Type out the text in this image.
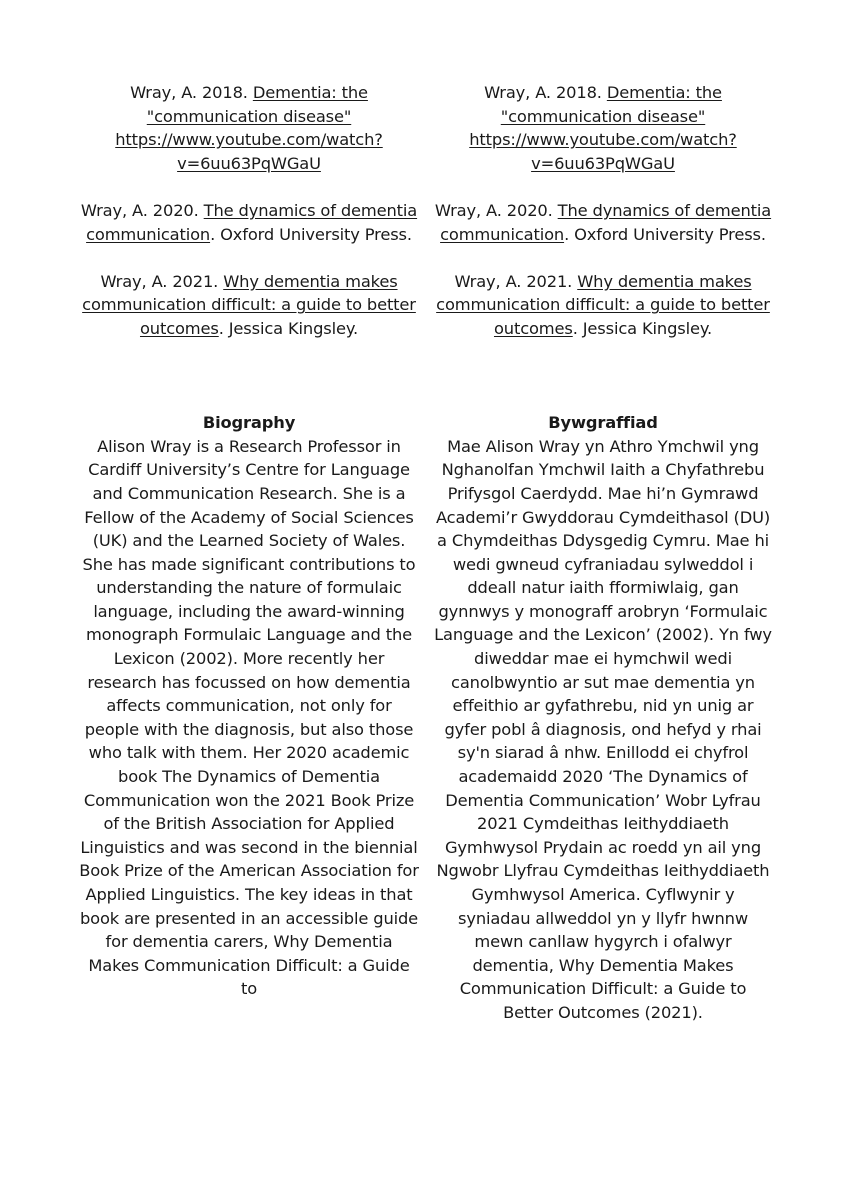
Wray, A. 2018. Dementia: the "communication disease" https://www.youtube.com/watch?v=6uu63PqWGaU

Wray, A. 2020. The dynamics of dementia communication. Oxford University Press.

Wray, A. 2021. Why dementia makes communication difficult: a guide to better outcomes. Jessica Kingsley.

Biography

Alison Wray is a Research Professor in Cardiff University’s Centre for Language and Communication Research. She is a Fellow of the Academy of Social Sciences (UK) and the Learned Society of Wales. She has made significant contributions to understanding the nature of formulaic language, including the award-winning monograph Formulaic Language and the Lexicon (2002). More recently her research has focussed on how dementia affects communication, not only for people with the diagnosis, but also those who talk with them. Her 2020 academic book The Dynamics of Dementia Communication won the 2021 Book Prize of the British Association for Applied Linguistics and was second in the biennial Book Prize of the American Association for Applied Linguistics. The key ideas in that book are presented in an accessible guide for dementia carers, Why Dementia Makes Communication Difficult: a Guide to

Wray, A. 2018. Dementia: the "communication disease" https://www.youtube.com/watch?v=6uu63PqWGaU

Wray, A. 2020. The dynamics of dementia communication. Oxford University Press.

Wray, A. 2021. Why dementia makes communication difficult: a guide to better outcomes. Jessica Kingsley.

Bywgraffiad

Mae Alison Wray yn Athro Ymchwil yng Nghanolfan Ymchwil Iaith a Chyfathrebu Prifysgol Caerdydd. Mae hi’n Gymrawd Academi’r Gwyddorau Cymdeithasol (DU) a Chymdeithas Ddysgedig Cymru. Mae hi wedi gwneud cyfraniadau sylweddol i ddeall natur iaith fformiwlaig, gan gynnwys y monograff arobryn ‘Formulaic Language and the Lexicon’ (2002). Yn fwy diweddar mae ei hymchwil wedi canolbwyntio ar sut mae dementia yn effeithio ar gyfathrebu, nid yn unig ar gyfer pobl â diagnosis, ond hefyd y rhai sy'n siarad â nhw. Enillodd ei chyfrol academaidd 2020 ‘The Dynamics of Dementia Communication’ Wobr Lyfrau 2021 Cymdeithas Ieithyddiaeth Gymhwysol Prydain ac roedd yn ail yng Ngwobr Llyfrau Cymdeithas Ieithyddiaeth Gymhwysol America. Cyflwynir y syniadau allweddol yn y llyfr hwnnw mewn canllaw hygyrch i ofalwyr dementia, Why Dementia Makes Communication Difficult: a Guide to Better Outcomes (2021).
